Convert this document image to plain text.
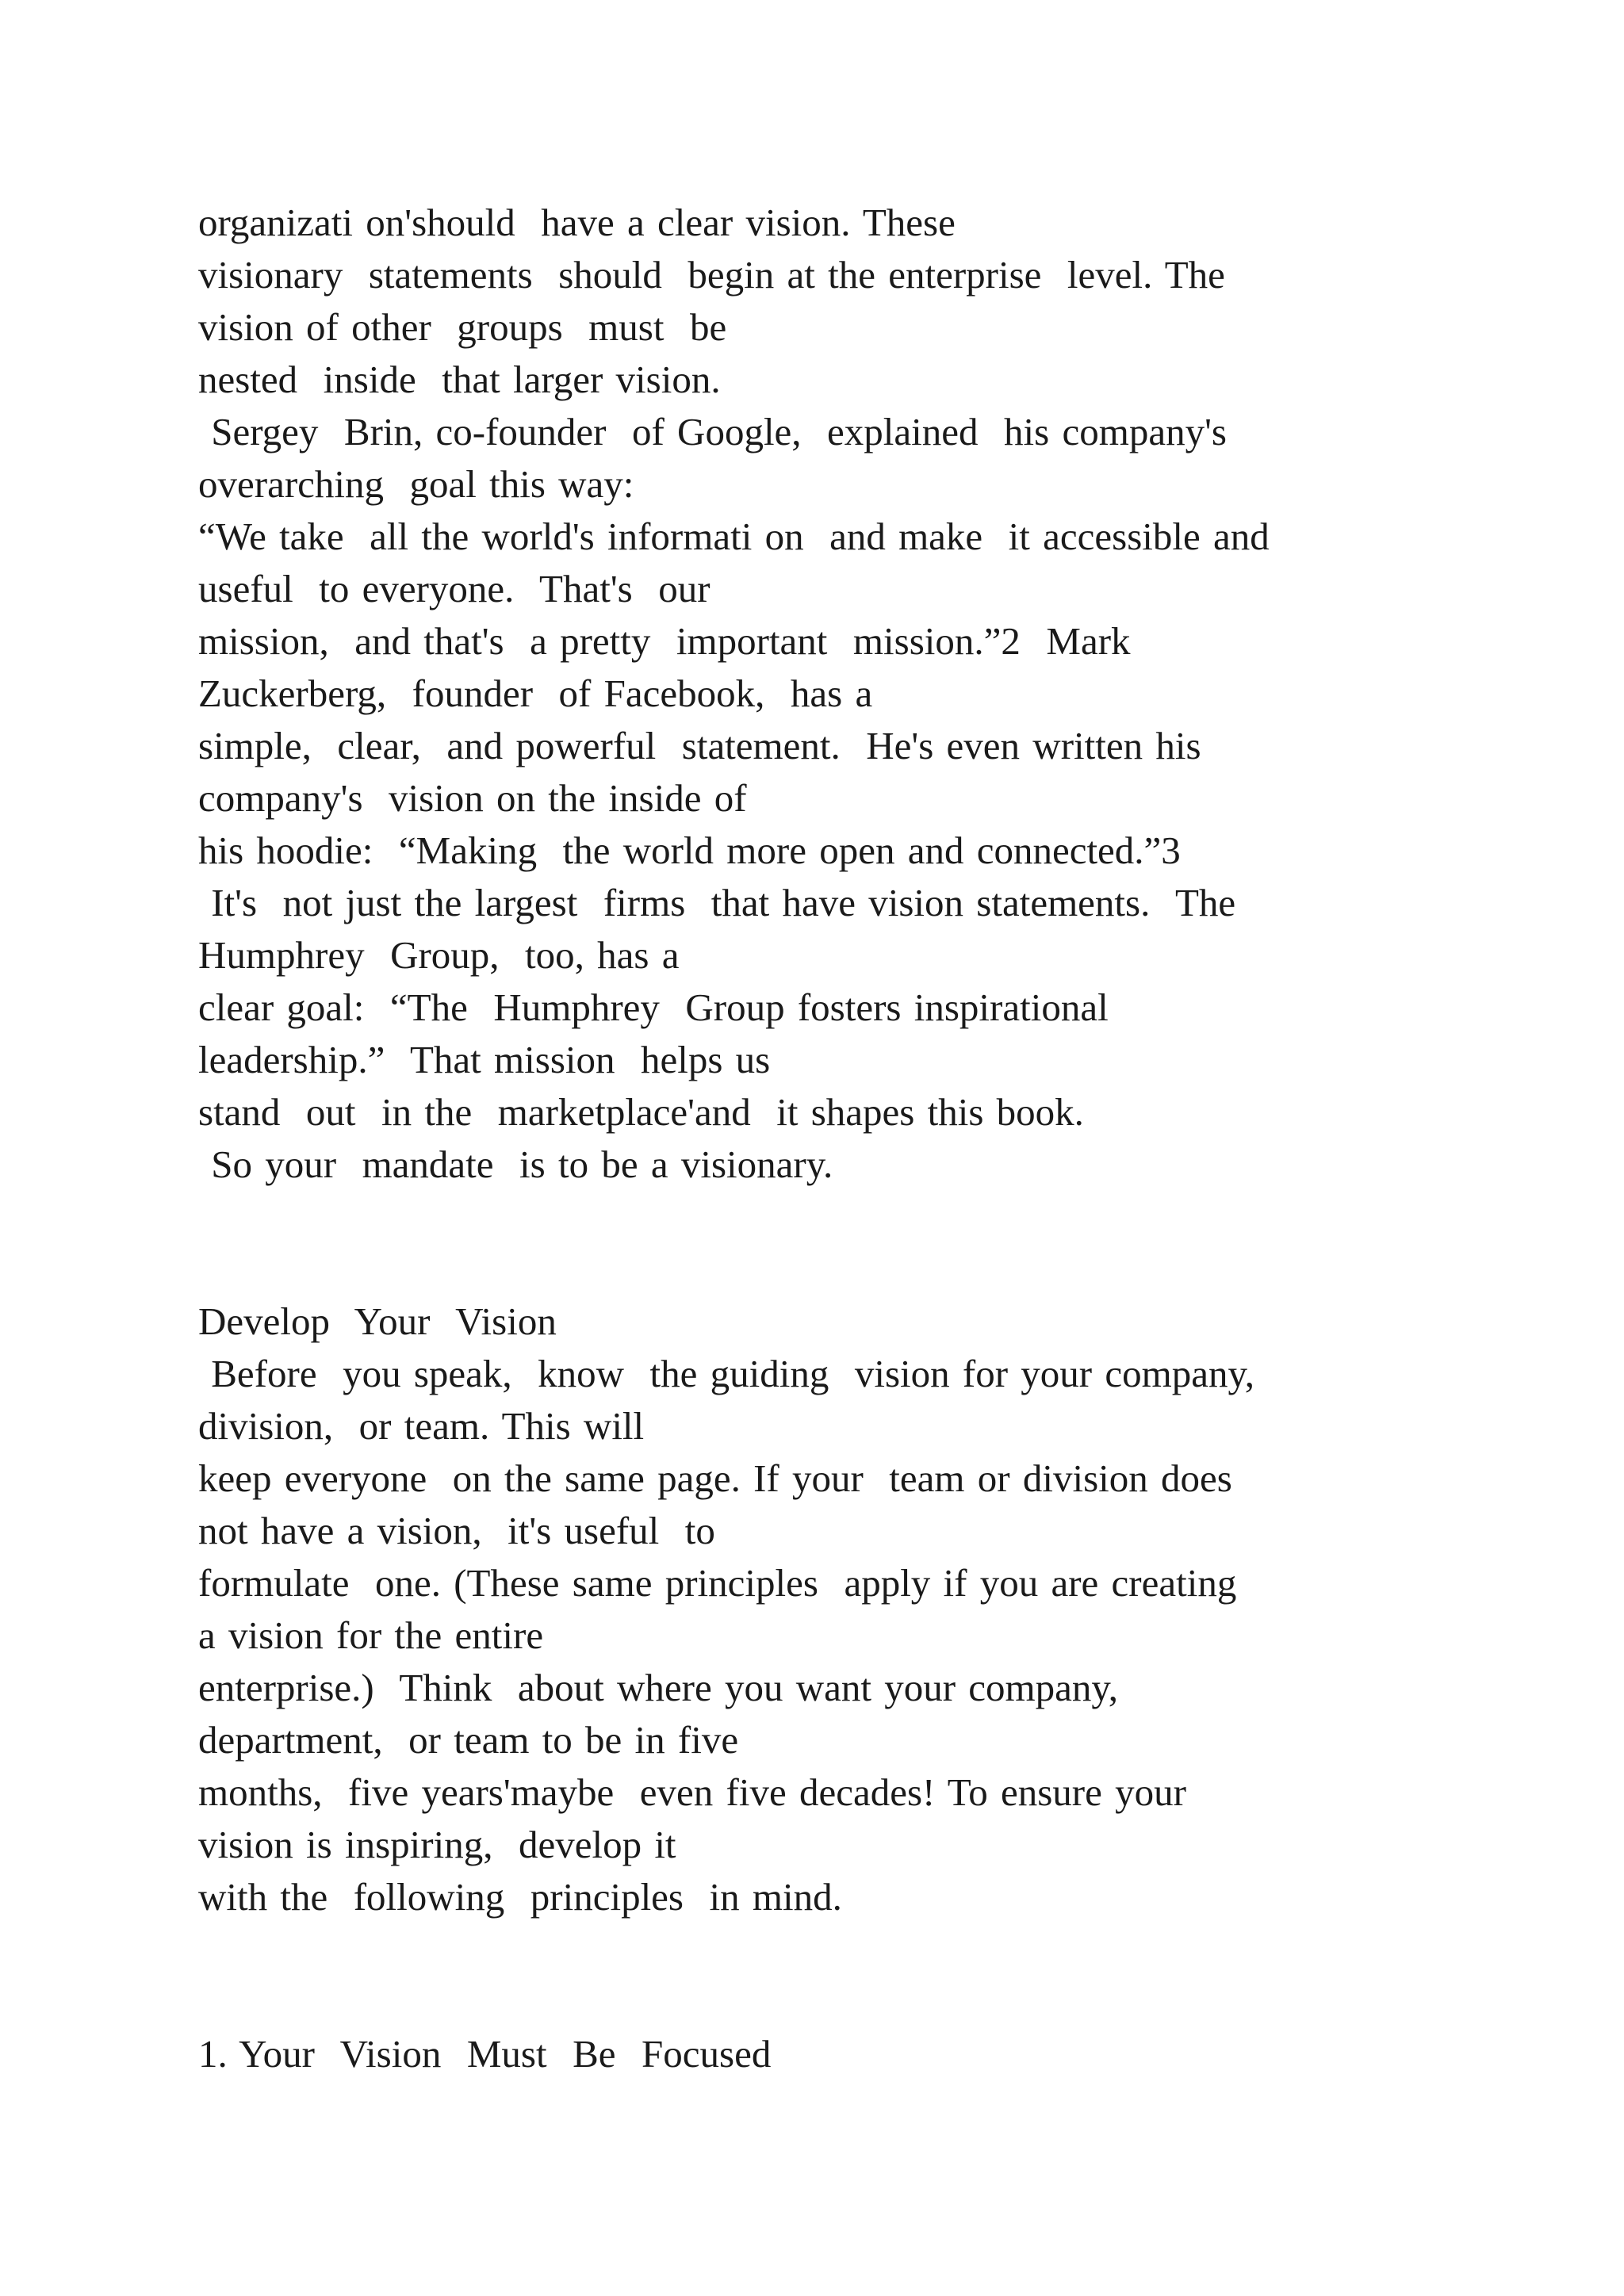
organizati on'should  have a clear vision. These
visionary  statements  should  begin at the enterprise  level. The
vision of other  groups  must  be
nested  inside  that larger vision.
Sergey  Brin, co-founder  of Google,  explained  his company's
overarching  goal this way:
“We take  all the world's informati on  and make  it accessible and
useful  to everyone.  That's  our
mission,  and that's  a pretty  important  mission.”2  Mark
Zuckerberg,  founder  of Facebook,  has a
simple,  clear,  and powerful  statement.  He's even written his
company's  vision on the inside of
his hoodie:  “Making  the world more open and connected.”3
It's  not just the largest  firms  that have vision statements.  The
Humphrey  Group,  too, has a
clear goal:  “The  Humphrey  Group fosters inspirational
leadership.”  That mission  helps us
stand  out  in the  marketplace'and  it shapes this book.
So your  mandate  is to be a visionary.
Develop  Your  Vision
Before  you speak,  know  the guiding  vision for your company,
division,  or team. This will
keep everyone  on the same page. If your  team or division does
not have a vision,  it's useful  to
formulate  one. (These same principles  apply if you are creating
a vision for the entire
enterprise.)  Think  about where you want your company,
department,  or team to be in five
months,  five years'maybe  even five decades! To ensure your
vision is inspiring,  develop it
with the  following  principles  in mind.
1. Your  Vision  Must  Be  Focused
